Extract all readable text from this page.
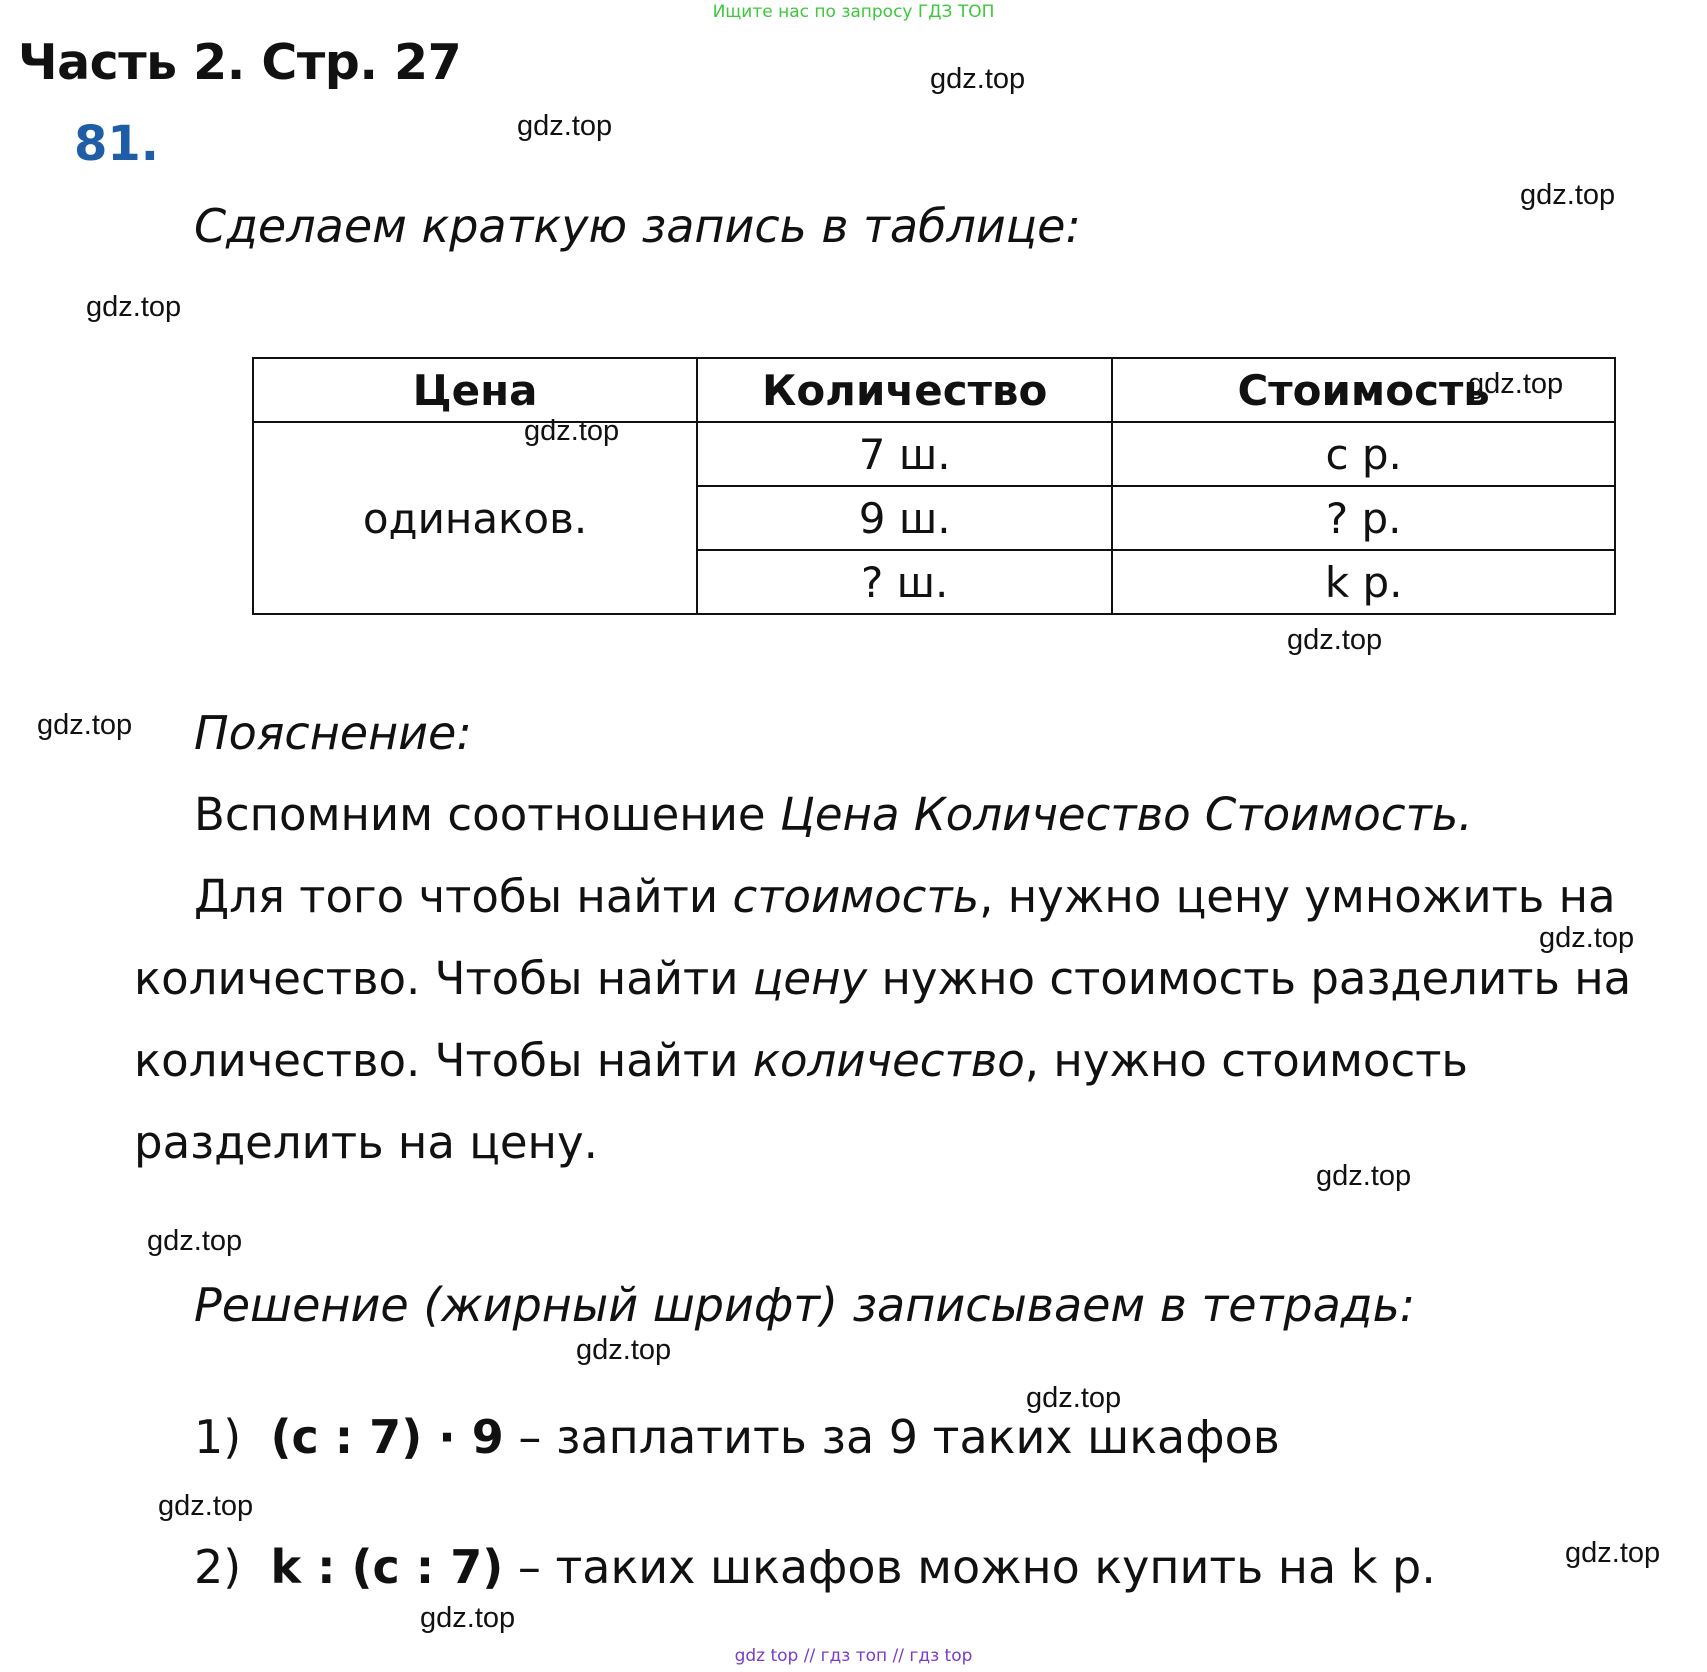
Ищите нас по запросу ГДЗ ТОП
Часть 2. Стр. 27
81.
Сделаем краткую запись в таблице:
gdz.top
gdz.top
gdz.top
gdz.top
gdz.top
gdz.top
gdz.top
gdz.top
gdz.top
gdz.top
gdz.top
gdz.top
gdz.top
gdz.top
gdz.top
gdz.top
Цена	Количество	Стоимость
одинаков.	7 ш.	с р.
	9 ш.	? р.
	? ш.	k р.
Пояснение:
Вспомним соотношение Цена Количество Стоимость.
Для того чтобы найти стоимость, нужно цену умножить на
количество. Чтобы найти цену нужно стоимость разделить на
количество. Чтобы найти количество, нужно стоимость
разделить на цену.
Решение (жирный шрифт) записываем в тетрадь:
1) (с : 7) · 9 – заплатить за 9 таких шкафов
2) k : (с : 7) – таких шкафов можно купить на k р.
gdz top // гдз топ // гдз top
